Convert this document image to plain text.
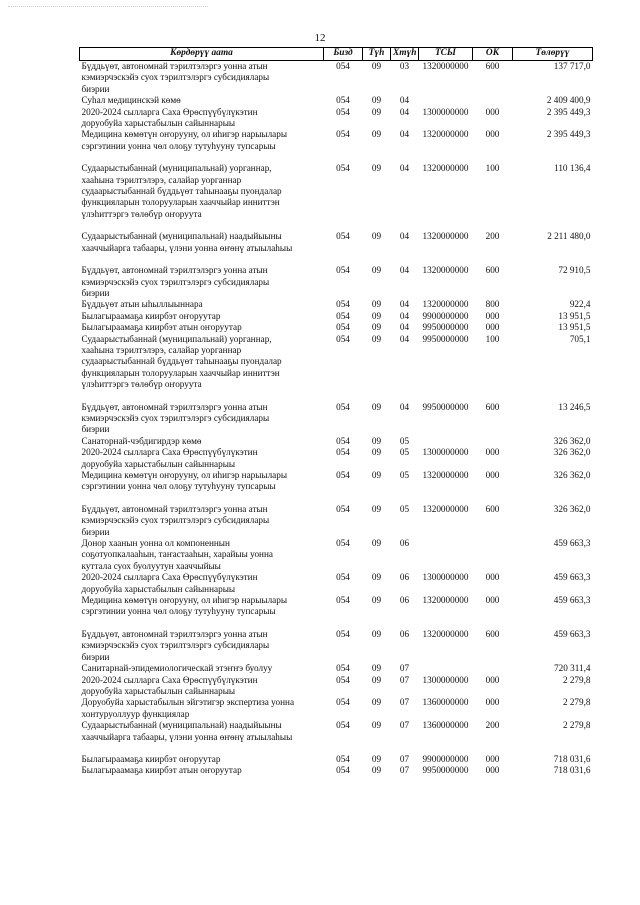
12
Көрдөрүү аата	Бизд	Түһ	Хтүһ	ТСЫ	ОК	Төлөрүү

Бүддьүөт, автономнай тэрилтэлэргэ уонна атын
кэмиэрчэскэйэ суох тэрилтэлэргэ субсидиялары
биэрии	054	09	03	1320000000	600	137 717,0

Суһал медицинскэй көмө	054	09	04			2 409 400,9

2020-2024 сылларга Саха Өрөспүүбүлүкэтин
доруобуйа харыстабылын сайыннарыы	054	09	04	1300000000	000	2 395 449,3

Медицина көмөтүн оҥорууну, ол иһигэр нарыылары
сэргэтинии уонна чөл олоҕу тутуһууну тупсарыы	054	09	04	1320000000	000	2 395 449,3

Судаарыстыбаннай (муниципальнай) уорганнар,
хааһына тэрилтэлэрэ, салайар уорганнар
судаарыстыбаннай бүддьүөт таһынааҕы пуондалар
функцияларын толорууларын хааччыйар инниттэн
үлэһиттэргэ төлөбүр оҥоруута	054	09	04	1320000000	100	110 136,4

Судаарыстыбаннай (муниципальнай) наадыйыыны
хааччыйарга табаары, үлэни уонна өҥөнү атыылаһыы	054	09	04	1320000000	200	2 211 480,0

Бүддьүөт, автономнай тэрилтэлэргэ уонна атын
кэмиэрчэскэйэ суох тэрилтэлэргэ субсидиялары
биэрии	054	09	04	1320000000	600	72 910,5

Бүддьүөт атын ыһыллыыннара	054	09	04	1320000000	800	922,4

Былагыраамаҕа киирбэт оҥоруутар	054	09	04	9900000000	000	13 951,5

Былагыраамаҕа киирбэт атын оҥоруутар	054	09	04	9950000000	000	13 951,5

Судаарыстыбаннай (муниципальнай) уорганнар,
хааһына тэрилтэлэрэ, салайар уорганнар
судаарыстыбаннай бүддьүөт таһынааҕы пуондалар
функцияларын толорууларын хааччыйар инниттэн
үлэһиттэргэ төлөбүр оҥоруута	054	09	04	9950000000	100	705,1

Бүддьүөт, автономнай тэрилтэлэргэ уонна атын
кэмиэрчэскэйэ суох тэрилтэлэргэ субсидиялары
биэрии	054	09	04	9950000000	600	13 246,5

Санаторнай-чэбдигирдэр көмө	054	09	05			326 362,0

2020-2024 сылларга Саха Өрөспүүбүлүкэтин
доруобуйа харыстабылын сайыннарыы	054	09	05	1300000000	000	326 362,0

Медицина көмөтүн оҥорууну, ол иһигэр нарыылары
сэргэтинии уонна чөл олоҕу тутуһууну тупсарыы	054	09	05	1320000000	000	326 362,0

Бүддьүөт, автономнай тэрилтэлэргэ уонна атын
кэмиэрчэскэйэ суох тэрилтэлэргэ субсидиялары
биэрии	054	09	05	1320000000	600	326 362,0

Донор хаанын уонна ол компоненнын
соҕотуопкалааһын, таҥастааһын, харайыы уонна
куттала суох буолуутун хааччыйыы	054	09	06			459 663,3

2020-2024 сылларга Саха Өрөспүүбүлүкэтин
доруобуйа харыстабылын сайыннарыы	054	09	06	1300000000	000	459 663,3

Медицина көмөтүн оҥорууну, ол иһигэр нарыылары
сэргэтинии уонна чөл олоҕу тутуһууну тупсарыы	054	09	06	1320000000	000	459 663,3

Бүддьүөт, автономнай тэрилтэлэргэ уонна атын
кэмиэрчэскэйэ суох тэрилтэлэргэ субсидиялары
биэрии	054	09	06	1320000000	600	459 663,3

Санитарнай-эпидемиологическай этэҥҥэ буолуу	054	09	07			720 311,4

2020-2024 сылларга Саха Өрөспүүбүлүкэтин
доруобуйа харыстабылын сайыннарыы	054	09	07	1300000000	000	2 279,8

Доруобуйа харыстабылын эйгэтигэр экспертиза уонна
хонтуруоллуур функциялар	054	09	07	1360000000	000	2 279,8

Судаарыстыбаннай (муниципальнай) наадыйыыны
хааччыйарга табаары, үлэни уонна өҥөнү атыылаһыы	054	09	07	1360000000	200	2 279,8

Былагыраамаҕа киирбэт оҥоруутар	054	09	07	9900000000	000	718 031,6

Былагыраамаҕа киирбэт атын оҥоруутар	054	09	07	9950000000	000	718 031,6
